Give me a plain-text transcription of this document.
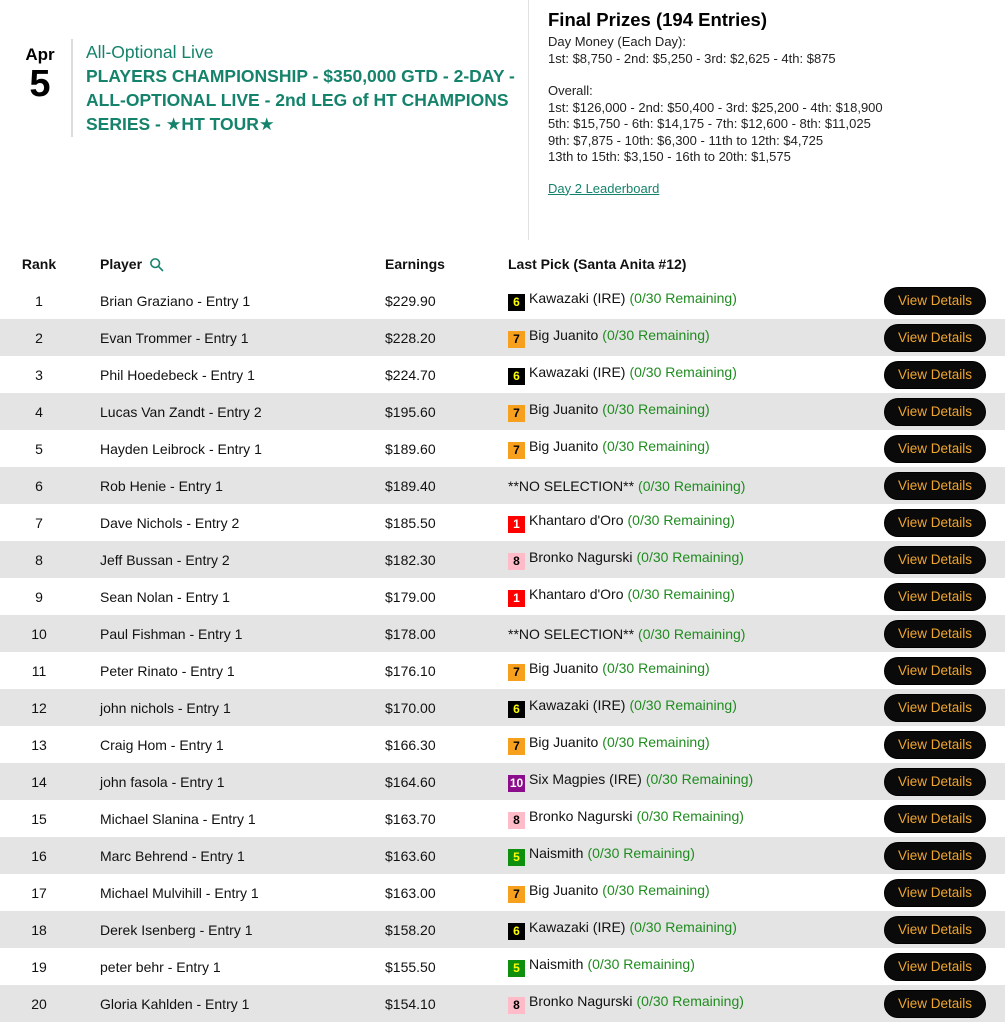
Apr
5
All-Optional Live
PLAYERS CHAMPIONSHIP - $350,000 GTD - 2-DAY - ALL-OPTIONAL LIVE - 2nd LEG of HT CHAMPIONS SERIES - ★HT TOUR★
Final Prizes (194 Entries)
Day Money (Each Day):
1st: $8,750 - 2nd: $5,250 - 3rd: $2,625 - 4th: $875
Overall:
1st: $126,000 - 2nd: $50,400 - 3rd: $25,200 - 4th: $18,900
5th: $15,750 - 6th: $14,175 - 7th: $12,600 - 8th: $11,025
9th: $7,875 - 10th: $6,300 - 11th to 12th: $4,725
13th to 15th: $3,150 - 16th to 20th: $1,575
Day 2 Leaderboard
Rank	Player	Earnings	Last Pick (Santa Anita #12)
1	Brian Graziano - Entry 1	$229.90	6 Kawazaki (IRE) (0/30 Remaining)	View Details
2	Evan Trommer - Entry 1	$228.20	7 Big Juanito (0/30 Remaining)	View Details
3	Phil Hoedebeck - Entry 1	$224.70	6 Kawazaki (IRE) (0/30 Remaining)	View Details
4	Lucas Van Zandt - Entry 2	$195.60	7 Big Juanito (0/30 Remaining)	View Details
5	Hayden Leibrock - Entry 1	$189.60	7 Big Juanito (0/30 Remaining)	View Details
6	Rob Henie - Entry 1	$189.40	**NO SELECTION** (0/30 Remaining)	View Details
7	Dave Nichols - Entry 2	$185.50	1 Khantaro d'Oro (0/30 Remaining)	View Details
8	Jeff Bussan - Entry 2	$182.30	8 Bronko Nagurski (0/30 Remaining)	View Details
9	Sean Nolan - Entry 1	$179.00	1 Khantaro d'Oro (0/30 Remaining)	View Details
10	Paul Fishman - Entry 1	$178.00	**NO SELECTION** (0/30 Remaining)	View Details
11	Peter Rinato - Entry 1	$176.10	7 Big Juanito (0/30 Remaining)	View Details
12	john nichols - Entry 1	$170.00	6 Kawazaki (IRE) (0/30 Remaining)	View Details
13	Craig Hom - Entry 1	$166.30	7 Big Juanito (0/30 Remaining)	View Details
14	john fasola - Entry 1	$164.60	10 Six Magpies (IRE) (0/30 Remaining)	View Details
15	Michael Slanina - Entry 1	$163.70	8 Bronko Nagurski (0/30 Remaining)	View Details
16	Marc Behrend - Entry 1	$163.60	5 Naismith (0/30 Remaining)	View Details
17	Michael Mulvihill - Entry 1	$163.00	7 Big Juanito (0/30 Remaining)	View Details
18	Derek Isenberg - Entry 1	$158.20	6 Kawazaki (IRE) (0/30 Remaining)	View Details
19	peter behr - Entry 1	$155.50	5 Naismith (0/30 Remaining)	View Details
20	Gloria Kahlden - Entry 1	$154.10	8 Bronko Nagurski (0/30 Remaining)	View Details
